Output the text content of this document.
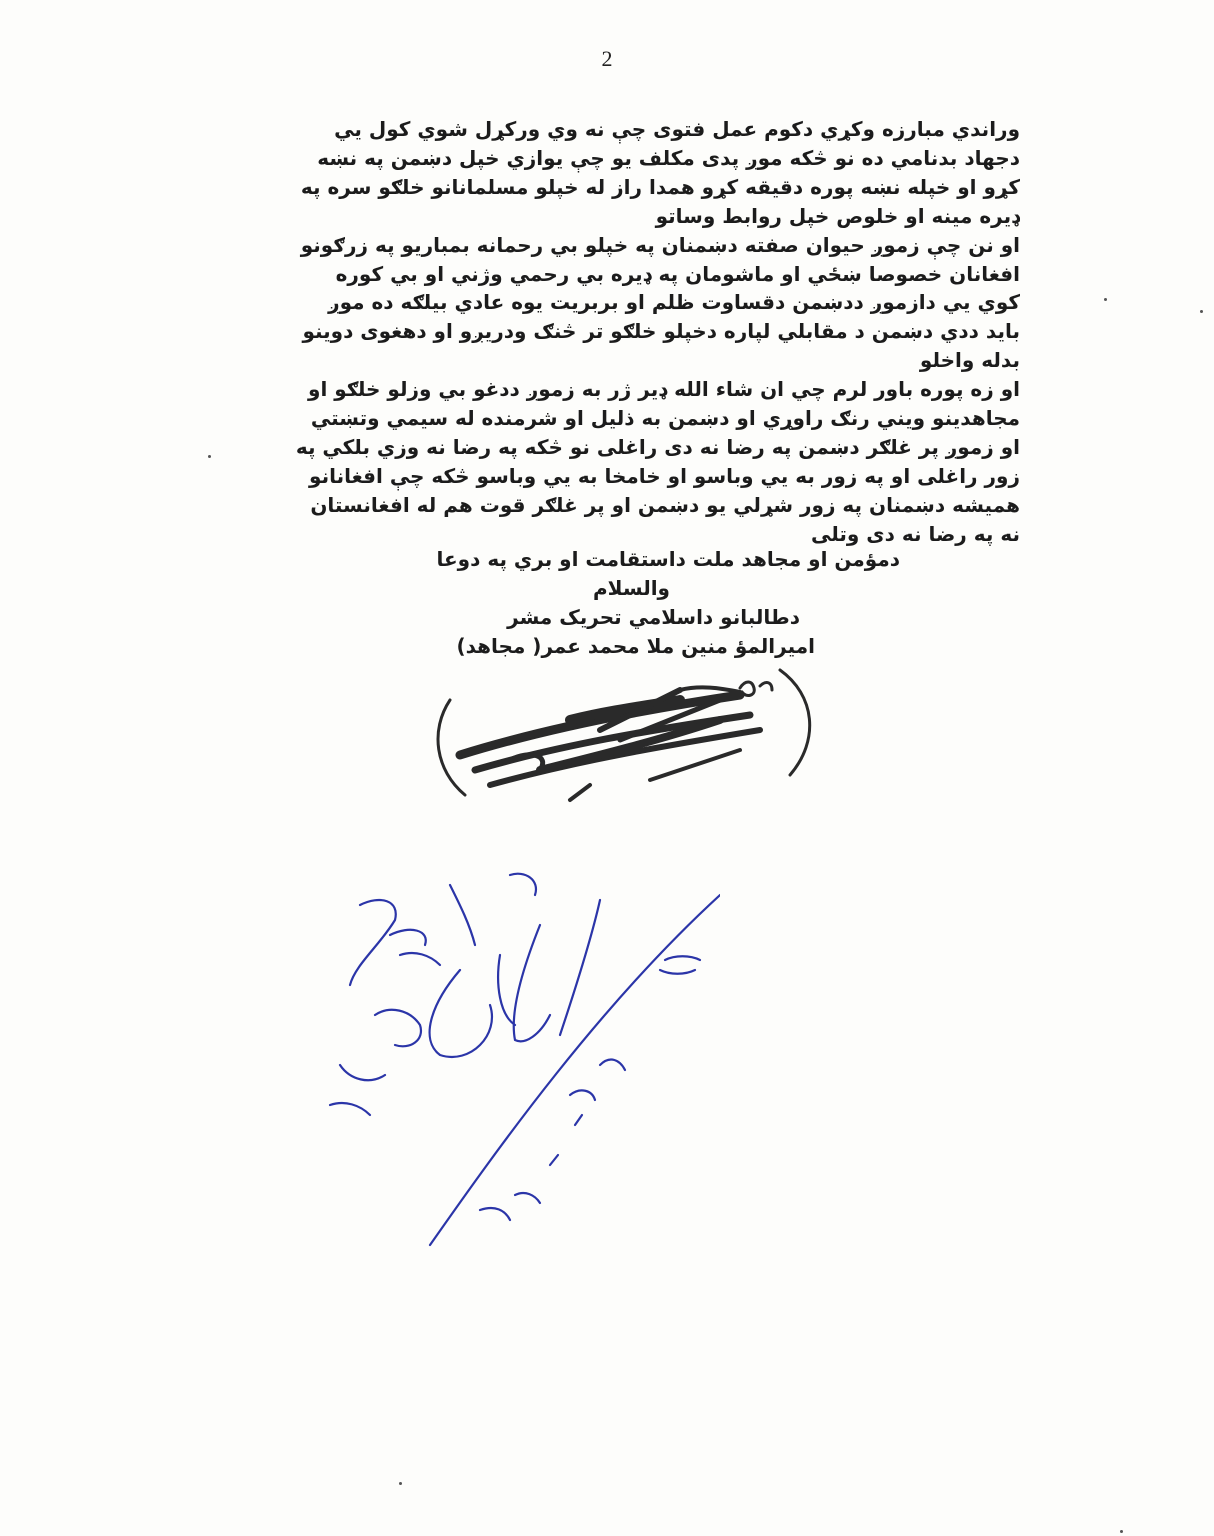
2
وراندي مبارزه وکړي دکوم عمل فتوی چې نه وي ورکړل شوي کول يي
دجهاد بدنامي ده نو څکه موږ پدی مکلف يو چې يوازي خپل دښمن په نښه
کړو او خپله نښه پوره دقيقه کړو همدا راز له خپلو مسلمانانو خلګو سره په
ډيره مينه او خلوص خپل روابط وساتو
او نن چې زموږ حيوان صفته دښمنان په خپلو بي رحمانه بمباريو په زرګونو
افغانان خصوصا ښځي او ماشومان په ډيره بي رحمي وژني او بي کوره
کوي يي دازموږ ددښمن دقساوت ظلم او بربريت يوه عادي بيلګه ده موږ
بايد ددي دښمن د مقابلي لپاره دخپلو خلګو تر څنګ ودريږو او دهغوی دوينو
بدله واخلو
او زه پوره باور لرم چي ان شاء الله ډير ژر به زموږ ددغو بي وزلو خلګو او
مجاهدينو ويني رنګ راوړي او دښمن به ذليل او شرمنده له سيمي وتښتي
او زموږ پر غلګر دښمن په رضا نه دی راغلی نو څکه په رضا نه وزي بلکي په
زور راغلی او په زور به يي وباسو او خامخا به يي وباسو څکه چې افغانانو
هميشه دښمنان په زور شړلي يو دښمن او پر غلګر قوت هم له افغانستان
نه په رضا نه دی وتلی
دمؤمن او مجاهد ملت داستقامت او بري په دوعا
والسلام
دطالبانو داسلامي تحريک مشر
اميرالمؤ منين ملا محمد عمر( مجاهد)
